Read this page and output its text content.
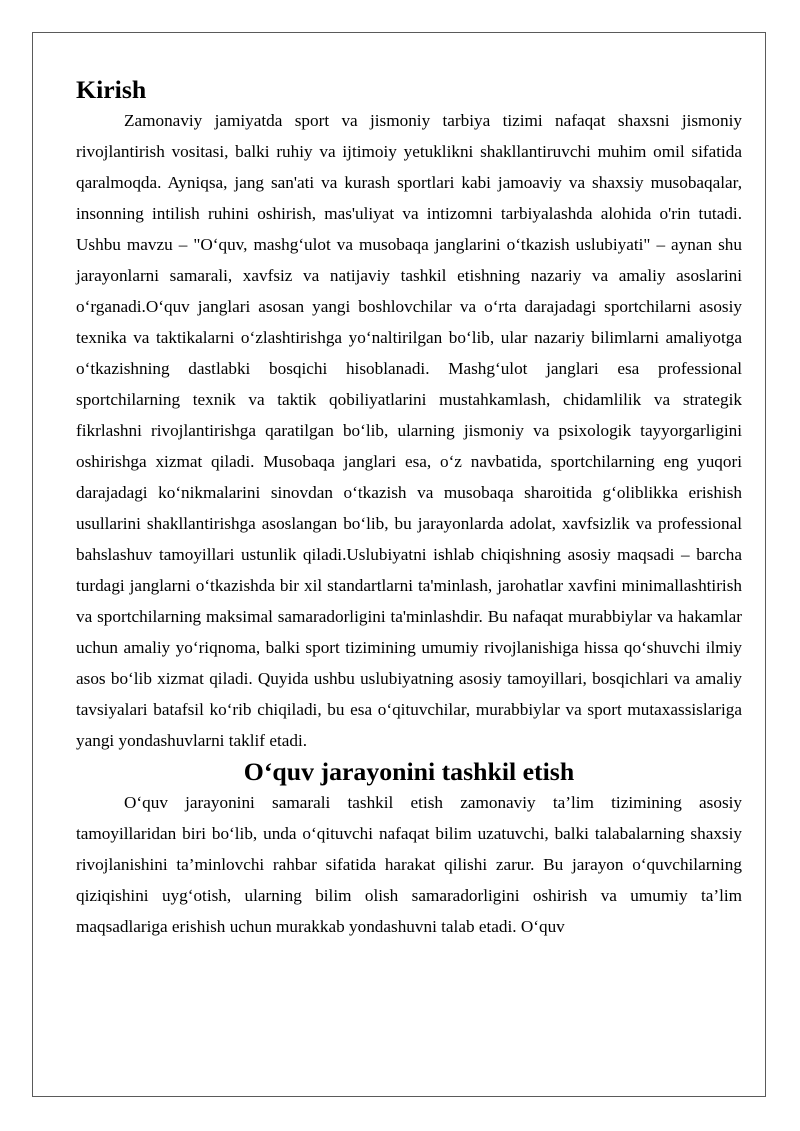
Kirish

Zamonaviy jamiyatda sport va jismoniy tarbiya tizimi nafaqat shaxsni jismoniy rivojlantirish vositasi, balki ruhiy va ijtimoiy yetuklikni shakllantiruvchi muhim omil sifatida qaralmoqda. Ayniqsa, jang san'ati va kurash sportlari kabi jamoaviy va shaxsiy musobaqalar, insonning intilish ruhini oshirish, mas'uliyat va intizomni tarbiyalashda alohida o'rin tutadi. Ushbu mavzu – "O‘quv, mashg‘ulot va musobaqa janglarini o‘tkazish uslubiyati" – aynan shu jarayonlarni samarali, xavfsiz va natijaviy tashkil etishning nazariy va amaliy asoslarini o‘rganadi.O‘quv janglari asosan yangi boshlovchilar va o‘rta darajadagi sportchilarni asosiy texnika va taktikalarni o‘zlashtirishga yo‘naltirilgan bo‘lib, ular nazariy bilimlarni amaliyotga o‘tkazishning dastlabki bosqichi hisoblanadi. Mashg‘ulot janglari esa professional sportchilarning texnik va taktik qobiliyatlarini mustahkamlash, chidamlilik va strategik fikrlashni rivojlantirishga qaratilgan bo‘lib, ularning jismoniy va psixologik tayyorgarligini oshirishga xizmat qiladi. Musobaqa janglari esa, o‘z navbatida, sportchilarning eng yuqori darajadagi ko‘nikmalarini sinovdan o‘tkazish va musobaqa sharoitida g‘oliblikka erishish usullarini shakllantirishga asoslangan bo‘lib, bu jarayonlarda adolat, xavfsizlik va professional bahslashuv tamoyillari ustunlik qiladi.Uslubiyatni ishlab chiqishning asosiy maqsadi – barcha turdagi janglarni o‘tkazishda bir xil standartlarni ta'minlash, jarohatlar xavfini minimallashtirish va sportchilarning maksimal samaradorligini ta'minlashdir. Bu nafaqat murabbiylar va hakamlar uchun amaliy yo‘riqnoma, balki sport tizimining umumiy rivojlanishiga hissa qo‘shuvchi ilmiy asos bo‘lib xizmat qiladi. Quyida ushbu uslubiyatning asosiy tamoyillari, bosqichlari va amaliy tavsiyalari batafsil ko‘rib chiqiladi, bu esa o‘qituvchilar, murabbiylar va sport mutaxassislariga yangi yondashuvlarni taklif etadi.

O‘quv jarayonini tashkil etish

O‘quv jarayonini samarali tashkil etish zamonaviy ta’lim tizimining asosiy tamoyillaridan biri bo‘lib, unda o‘qituvchi nafaqat bilim uzatuvchi, balki talabalarning shaxsiy rivojlanishini ta’minlovchi rahbar sifatida harakat qilishi zarur. Bu jarayon o‘quvchilarning qiziqishini uyg‘otish, ularning bilim olish samaradorligini oshirish va umumiy ta’lim maqsadlariga erishish uchun murakkab yondashuvni talab etadi. O‘quv
